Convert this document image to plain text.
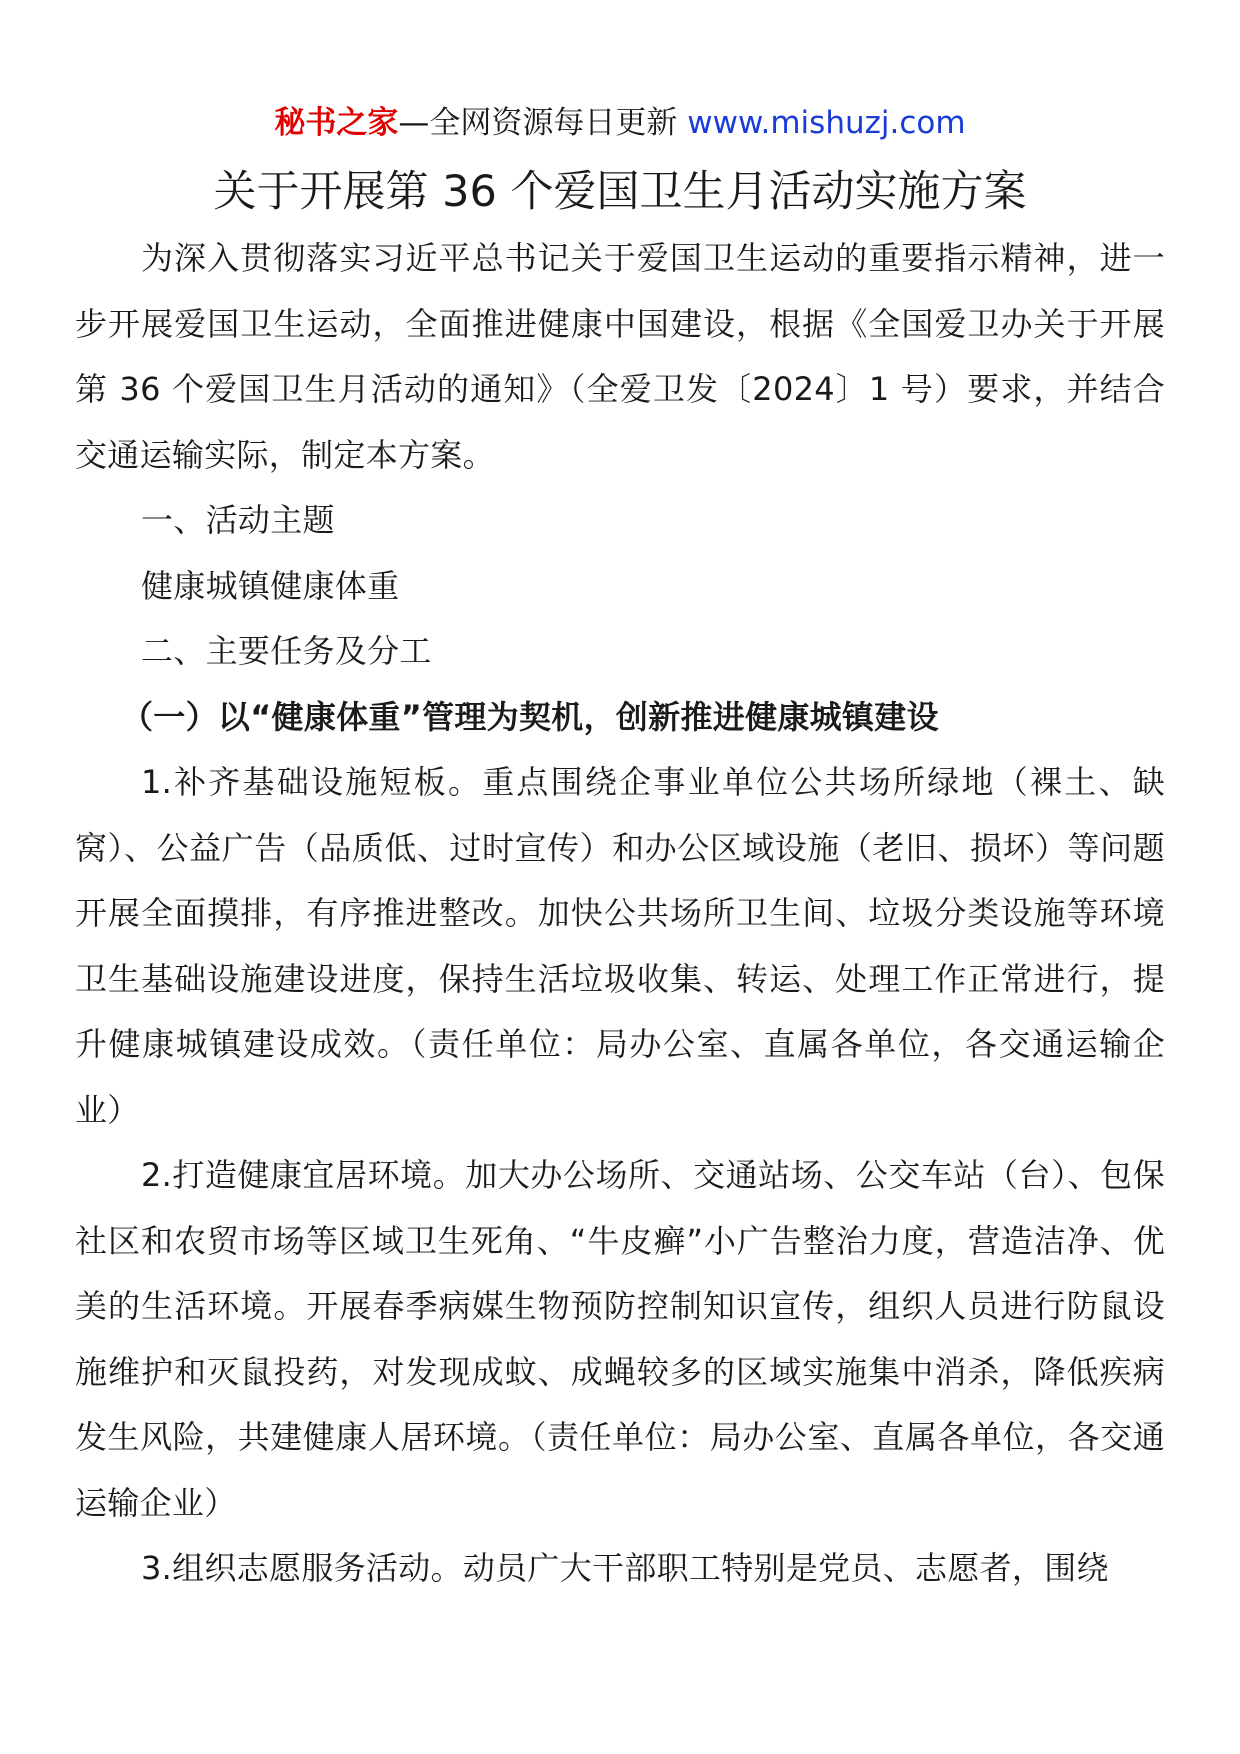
秘书之家—全网资源每日更新 www.mishuzj.com
关于开展第 36 个爱国卫生月活动实施方案

为深入贯彻落实习近平总书记关于爱国卫生运动的重要指示精神，进一步开展爱国卫生运动，全面推进健康中国建设，根据《全国爱卫办关于开展第 36 个爱国卫生月活动的通知》（全爱卫发〔2024〕1 号）要求，并结合交通运输实际，制定本方案。

一、活动主题

健康城镇健康体重

二、主要任务及分工

（一）以“健康体重”管理为契机，创新推进健康城镇建设

1.补齐基础设施短板。重点围绕企事业单位公共场所绿地（裸土、缺窝）、公益广告（品质低、过时宣传）和办公区域设施（老旧、损坏）等问题开展全面摸排，有序推进整改。加快公共场所卫生间、垃圾分类设施等环境卫生基础设施建设进度，保持生活垃圾收集、转运、处理工作正常进行，提升健康城镇建设成效。（责任单位：局办公室、直属各单位，各交通运输企业）

2.打造健康宜居环境。加大办公场所、交通站场、公交车站（台）、包保社区和农贸市场等区域卫生死角、“牛皮癣”小广告整治力度，营造洁净、优美的生活环境。开展春季病媒生物预防控制知识宣传，组织人员进行防鼠设施维护和灭鼠投药，对发现成蚊、成蝇较多的区域实施集中消杀，降低疾病发生风险，共建健康人居环境。（责任单位：局办公室、直属各单位，各交通运输企业）

3.组织志愿服务活动。动员广大干部职工特别是党员、志愿者，围绕
